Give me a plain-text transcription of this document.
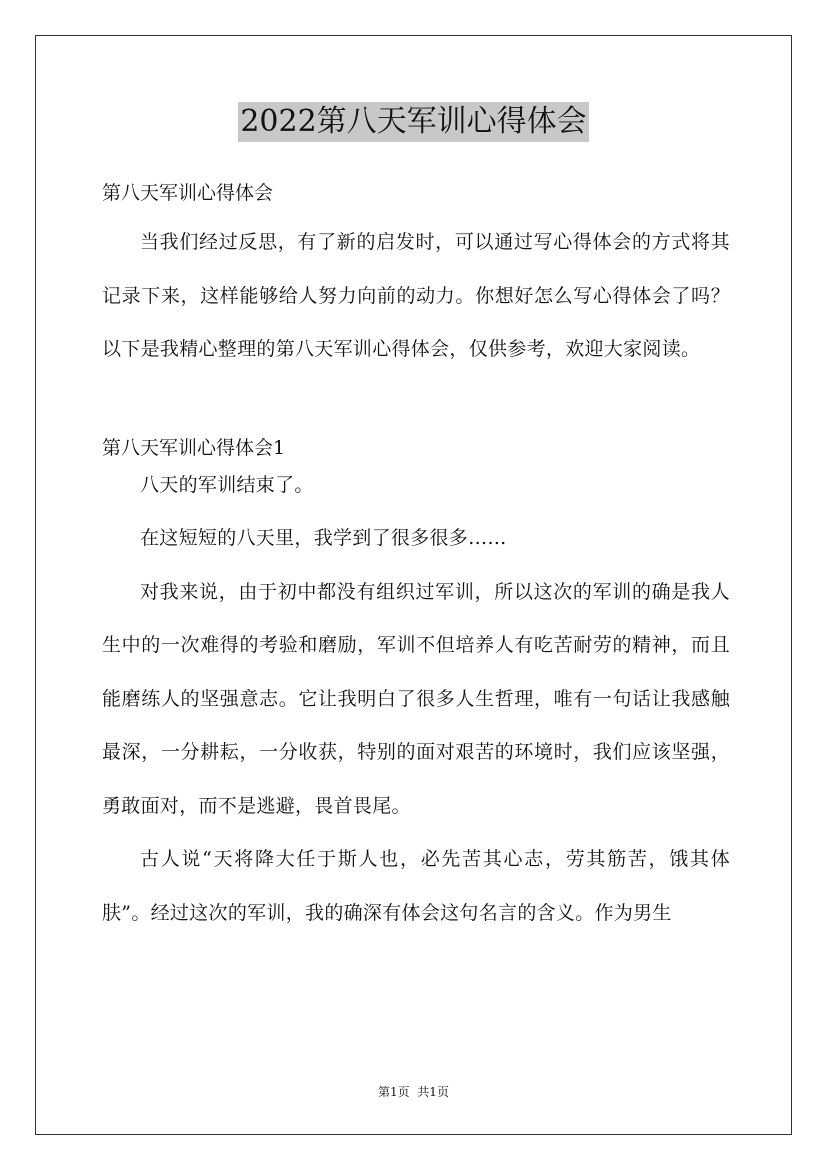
2022第八天军训心得体会
第八天军训心得体会

当我们经过反思，有了新的启发时，可以通过写心得体会的方式将其记录下来，这样能够给人努力向前的动力。你想好怎么写心得体会了吗？以下是我精心整理的第八天军训心得体会，仅供参考，欢迎大家阅读。

第八天军训心得体会1

八天的军训结束了。

在这短短的八天里，我学到了很多很多……

对我来说，由于初中都没有组织过军训，所以这次的军训的确是我人生中的一次难得的考验和磨励，军训不但培养人有吃苦耐劳的精神，而且能磨练人的坚强意志。它让我明白了很多人生哲理，唯有一句话让我感触最深，一分耕耘，一分收获，特别的面对艰苦的环境时，我们应该坚强，勇敢面对，而不是逃避，畏首畏尾。

古人说“天将降大任于斯人也，必先苦其心志，劳其筋苦，饿其体肤”。经过这次的军训，我的确深有体会这句名言的含义。作为男生

第1页  共1页
